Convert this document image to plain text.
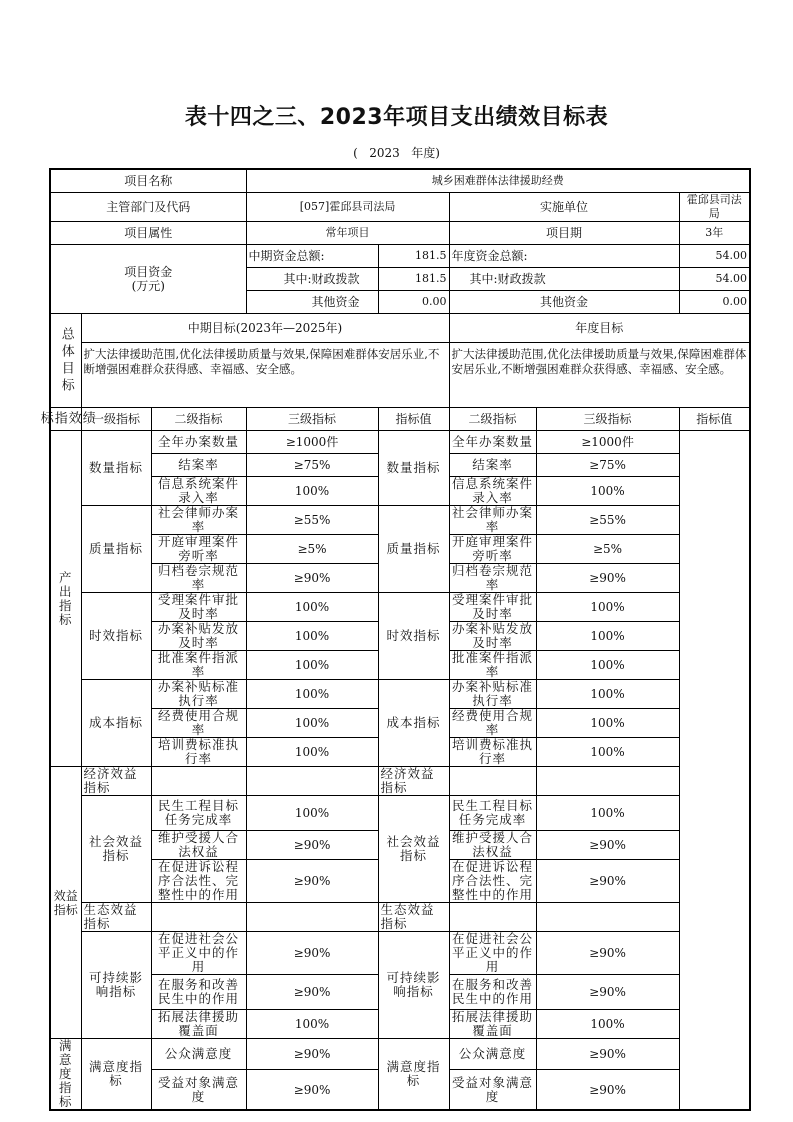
表十四之三、2023年项目支出绩效目标表
( 2023 年度)
项目名称			城乡困难群体法律援助经费				
主管部门及代码			[057]霍邱县司法局		实施单位		霍邱县司法局
项目属性			常年项目		项目期		3年

项目资金
(万元)			中期资金总额:	181.5	年度资金总额:		54.00
			其中:财政拨款	181.5	其中:财政拨款		54.00
			其他资金	0.00	其他资金		0.00
总体目标	中期目标(2023年—2025年)				年度目标		
	扩大法律援助范围,优化法律援助质量与效果,保障困难群体安居乐业,不断增强困难群众获得感、幸福感、安全感。				扩大法律援助范围,优化法律援助质量与效果,保障困难群体安居乐业,不断增强困难群众获得感、幸福感、安全感。		
绩效指标	一级指标	二级指标	三级指标	指标值	二级指标	三级指标	指标值
产出指标	数量指标	全年办案数量	≥1000件	数量指标	全年办案数量	≥1000件	
		结案率	≥75%		结案率	≥75%	
		信息系统案件录入率	100%		信息系统案件录入率	100%	
	质量指标	社会律师办案率	≥55%	质量指标	社会律师办案率	≥55%	
		开庭审理案件旁听率	≥5%		开庭审理案件旁听率	≥5%	
		归档卷宗规范率	≥90%		归档卷宗规范率	≥90%	
	时效指标	受理案件审批及时率	100%	时效指标	受理案件审批及时率	100%	
		办案补贴发放及时率	100%		办案补贴发放及时率	100%	
		批准案件指派率	100%		批准案件指派率	100%	
	成本指标	办案补贴标准执行率	100%	成本指标	办案补贴标准执行率	100%	
		经费使用合规率	100%		经费使用合规率	100%	
		培训费标准执行率	100%		培训费标准执行率	100%	
效益指标	经济效益指标			经济效益指标			
	社会效益指标	民生工程目标任务完成率	100%	社会效益指标	民生工程目标任务完成率	100%	
		维护受援人合法权益	≥90%		维护受援人合法权益	≥90%	
		在促进诉讼程序合法性、完整性中的作用	≥90%		在促进诉讼程序合法性、完整性中的作用	≥90%	
	生态效益指标			生态效益指标			
	可持续影响指标	在促进社会公平正义中的作用	≥90%	可持续影响指标	在促进社会公平正义中的作用	≥90%	
		在服务和改善民生中的作用	≥90%		在服务和改善民生中的作用	≥90%	
		拓展法律援助覆盖面	100%		拓展法律援助覆盖面	100%	
满意度指标	满意度指标	公众满意度	≥90%	满意度指标	公众满意度	≥90%	
		受益对象满意度	≥90%		受益对象满意度	≥90%	
